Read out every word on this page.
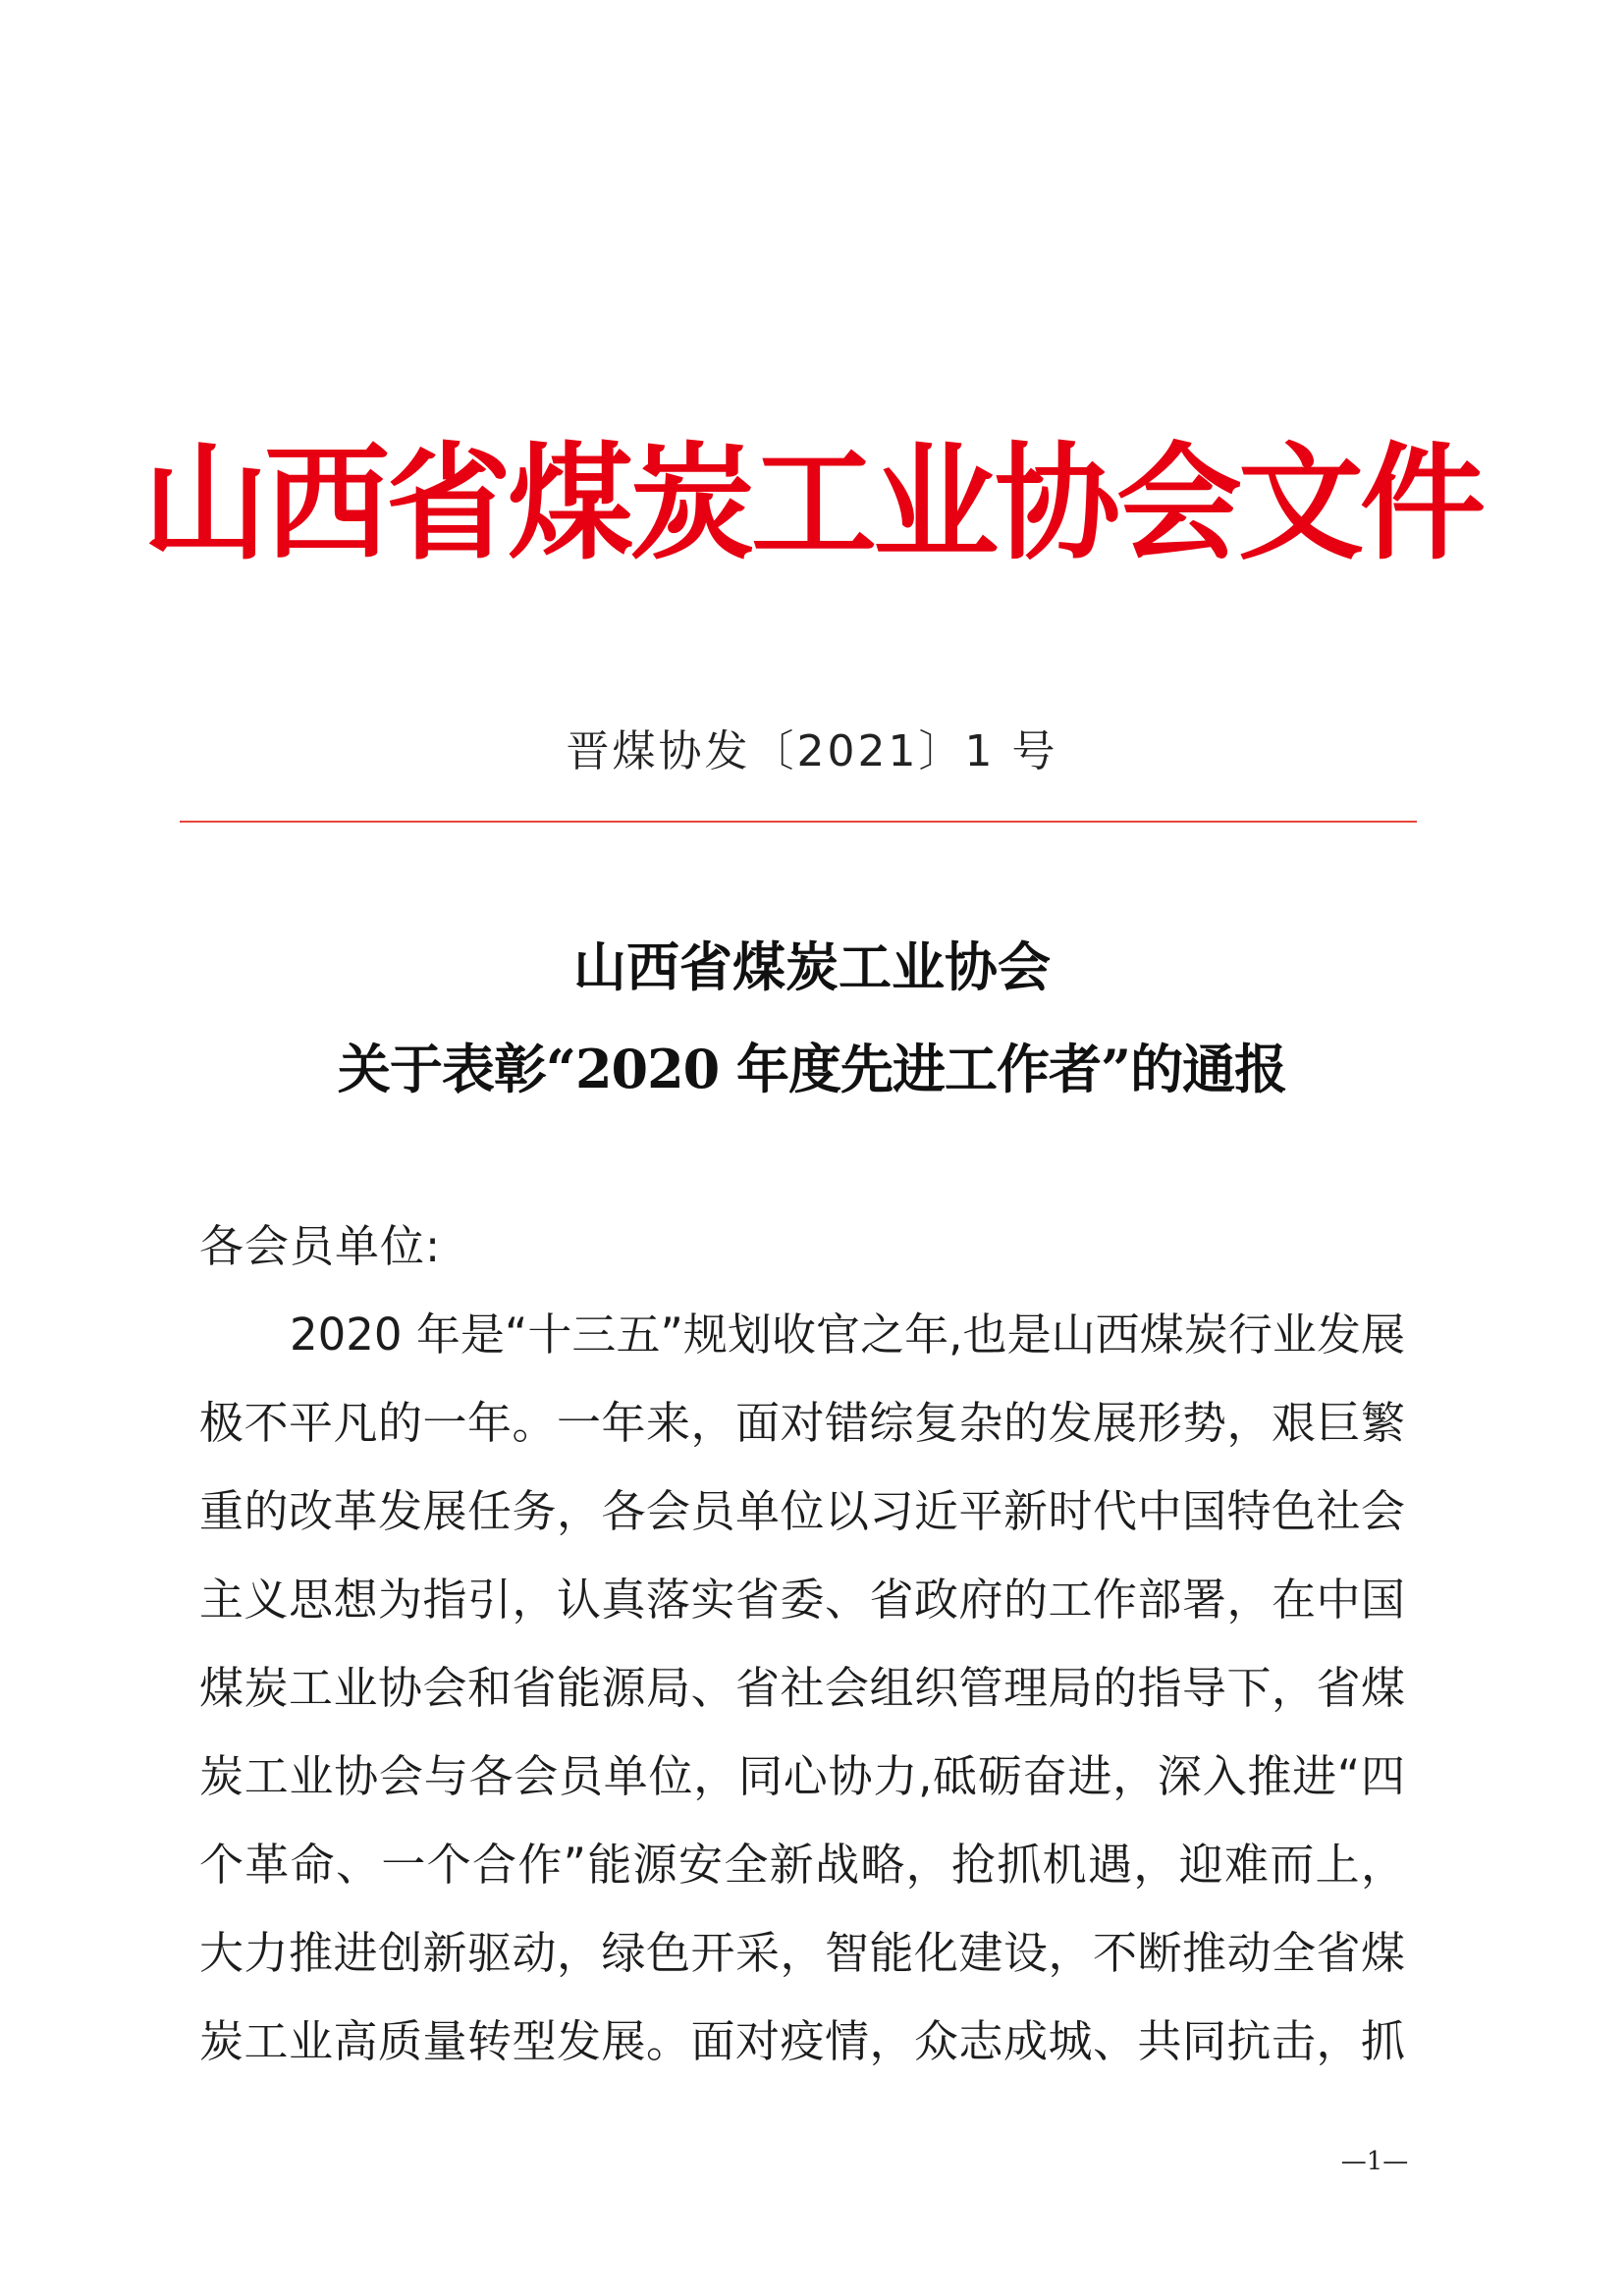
山西省煤炭工业协会文件
晋煤协发〔2021〕1 号
山西省煤炭工业协会
关于表彰“2020 年度先进工作者”的通报
各会员单位:
2020 年是“十三五”规划收官之年,也是山西煤炭行业发展
极不平凡的一年。一年来，面对错综复杂的发展形势，艰巨繁
重的改革发展任务，各会员单位以习近平新时代中国特色社会
主义思想为指引，认真落实省委、省政府的工作部署，在中国
煤炭工业协会和省能源局、省社会组织管理局的指导下，省煤
炭工业协会与各会员单位，同心协力,砥砺奋进，深入推进“四
个革命、一个合作”能源安全新战略，抢抓机遇，迎难而上，
大力推进创新驱动，绿色开采，智能化建设，不断推动全省煤
炭工业高质量转型发展。面对疫情，众志成城、共同抗击，抓
—1—
